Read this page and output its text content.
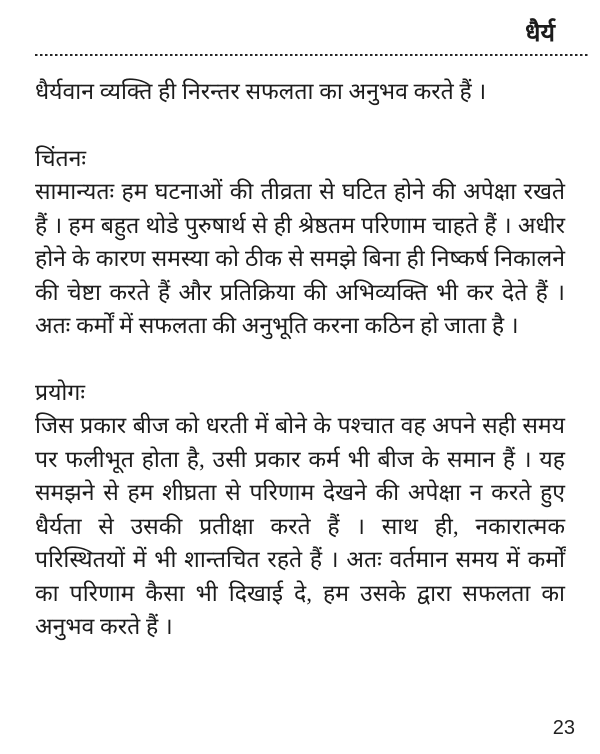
धैर्य
धैर्यवान व्यक्ति ही निरन्तर सफलता का अनुभव करते हैं ।
चिंतनः
सामान्यतः हम घटनाओं की तीव्रता से घटित होने की अपेक्षा रखते
हैं । हम बहुत थोडे पुरुषार्थ से ही श्रेष्ठतम परिणाम चाहते हैं । अधीर
होने के कारण समस्या को ठीक से समझे बिना ही निष्कर्ष निकालने
की चेष्टा करते हैं और प्रतिक्रिया की अभिव्यक्ति भी कर देते हैं ।
अतः कर्मों में सफलता की अनुभूति करना कठिन हो जाता है ।
प्रयोगः
जिस प्रकार बीज को धरती में बोने के पश्चात वह अपने सही समय
पर फलीभूत होता है, उसी प्रकार कर्म भी बीज के समान हैं । यह
समझने से हम शीघ्रता से परिणाम देखने की अपेक्षा न करते हुए
धैर्यता से उसकी प्रतीक्षा करते हैं । साथ ही, नकारात्मक
परिस्थितयों में भी शान्तचित रहते हैं । अतः वर्तमान समय में कर्मों
का परिणाम कैसा भी दिखाई दे, हम उसके द्वारा सफलता का
अनुभव करते हैं ।
23
